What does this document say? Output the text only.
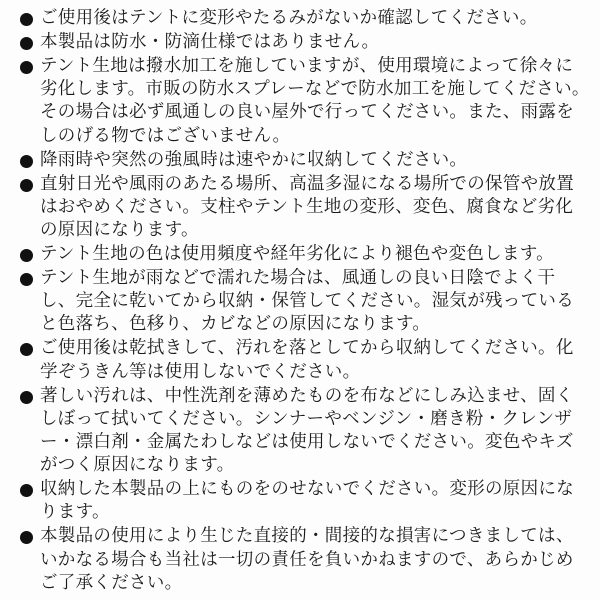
ご使用後はテントに変形やたるみがないか確認してください。
本製品は防水・防滴仕様ではありません。
テント生地は撥水加工を施していますが、使用環境によって徐々に劣化します。市販の防水スプレーなどで防水加工を施してください。その場合は必ず風通しの良い屋外で行ってください。また、雨露をしのげる物ではございません。
降雨時や突然の強風時は速やかに収納してください。
直射日光や風雨のあたる場所、高温多湿になる場所での保管や放置はおやめください。支柱やテント生地の変形、変色、腐食など劣化の原因になります。
テント生地の色は使用頻度や経年劣化により褪色や変色します。
テント生地が雨などで濡れた場合は、風通しの良い日陰でよく干し、完全に乾いてから収納・保管してください。湿気が残っていると色落ち、色移り、カビなどの原因になります。
ご使用後は乾拭きして、汚れを落としてから収納してください。化学ぞうきん等は使用しないでください。
著しい汚れは、中性洗剤を薄めたものを布などにしみ込ませ、固くしぼって拭いてください。シンナーやベンジン・磨き粉・クレンザー・漂白剤・金属たわしなどは使用しないでください。変色やキズがつく原因になります。
収納した本製品の上にものをのせないでください。変形の原因になります。
本製品の使用により生じた直接的・間接的な損害につきましては、いかなる場合も当社は一切の責任を負いかねますので、あらかじめご了承ください。
